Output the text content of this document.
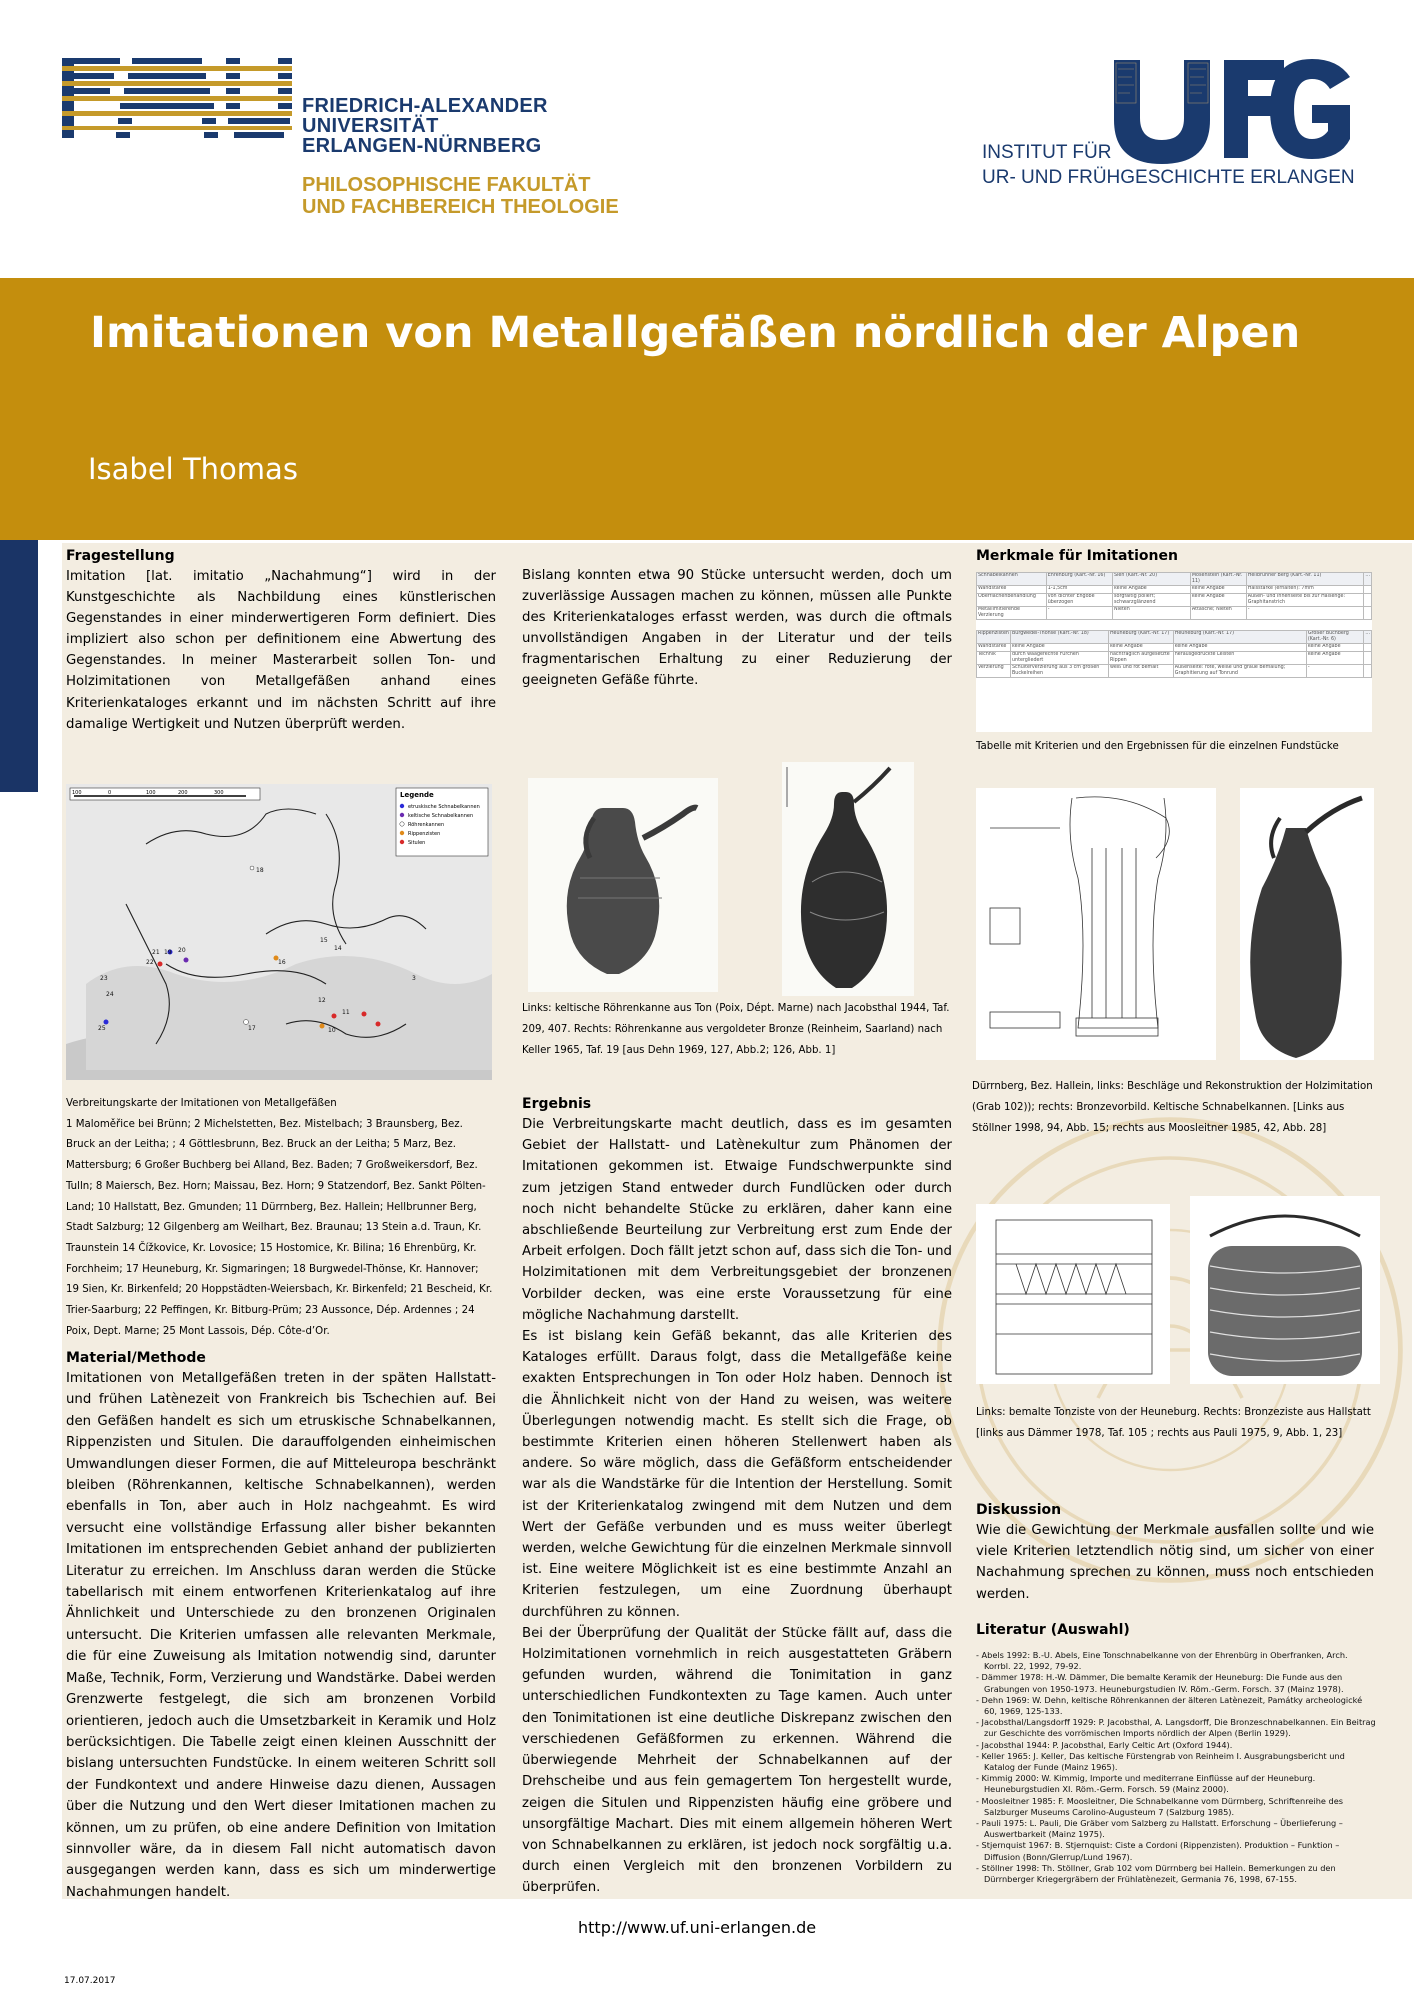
FRIEDRICH-ALEXANDER
UNIVERSITÄT
ERLANGEN-NÜRNBERG
PHILOSOPHISCHE FAKULTÄT
UND FACHBEREICH THEOLOGIE
INSTITUT FÜR
UR- UND FRÜHGESCHICHTE ERLANGEN
Imitationen von Metallgefäßen nördlich der Alpen
Isabel Thomas
Fragestellung
Imitation [lat. imitatio „Nachahmung“] wird in der Kunstgeschichte als Nachbildung eines künstlerischen Gegenstandes in einer minderwertigeren Form definiert. Dies impliziert also schon per definitionem eine Abwertung des Gegenstandes. In meiner Masterarbeit sollen Ton- und Holzimitationen von Metallgefäßen anhand eines Kriterienkataloges erkannt und im nächsten Schritt auf ihre damalige Wertigkeit und Nutzen überprüft werden.
Bislang konnten etwa 90 Stücke untersucht werden, doch um zuverlässige Aussagen machen zu können, müssen alle Punkte des Kriterienkataloges erfasst werden, was durch die oftmals unvollständigen Angaben in der Literatur und der teils fragmentarischen Erhaltung zu einer Reduzierung der geeigneten Gefäße führte.
Merkmale für Imitationen
Schnabelkannen	Ehrenbürg (Kart.-Nr. 16)	Sien (Kart.-Nr. 20)	Mosenstein (Kart.-Nr. 11)	Heilbrunner Berg (Kart.-Nr. 11)	...
Wandstärke	1-1,5cm	keine Angabe	keine Angabe	Halsstärke (erhalten): 7mm	
Oberflächenbehandlung	von dichter Engobe überzogen	sorgfältig poliert; schwarzglänzend	keine Angabe	Außen- und Innenseite bis zur Halsenge: Graphitanstrich	
Metallimitierende Verzierung	-	Nieten	Attasche; Nieten	-	
Rippenzisten	Burgwedel-Thönse (Kart.-Nr. 18)	Heuneburg (Kart.-Nr. 17)	Heuneburg (Kart.-Nr. 17)	Großer Buchberg (Kart.-Nr. 6)	...
Wandstärke	keine Angabe	keine Angabe	keine Angabe	keine Angabe	
Technik	durch waagerechte Furchen untergliedert	nachträglich aufgesetzte Rippen	herausgedrückte Leisten	keine Angabe	
Verzierung	Schulterverzierung aus 3 cm großen Buckelreihen	weiß und rot bemalt	Außenseite: rote, weiße und graue Bemalung; Graphitierung auf Tonrund	-	
Tabelle mit Kriterien und den Ergebnissen für die einzelnen Fundstücke
100	0	100	200	300	Legende
etruskische Schnabelkannen
keltische Schnabelkannen
Röhrenkannen
Rippenzisten
Situlen
18
15
14
16
19 20
21
22
23
24
17
12
10
11
3
25
Verbreitungskarte der Imitationen von Metallgefäßen
1 Maloměřice bei Brünn; 2 Michelstetten, Bez. Mistelbach; 3 Braunsberg, Bez. Bruck an der Leitha; ; 4 Göttlesbrunn, Bez. Bruck an der Leitha; 5 Marz, Bez. Mattersburg; 6 Großer Buchberg bei Alland, Bez. Baden; 7 Großweikersdorf, Bez. Tulln; 8 Maiersch, Bez. Horn; Maissau, Bez. Horn; 9 Statzendorf, Bez. Sankt Pölten-Land; 10 Hallstatt, Bez. Gmunden; 11 Dürrnberg, Bez. Hallein; Hellbrunner Berg, Stadt Salzburg; 12 Gilgenberg am Weilhart, Bez. Braunau; 13 Stein a.d. Traun, Kr. Traunstein 14 Čížkovice, Kr. Lovosice; 15 Hostomice, Kr. Bilina; 16 Ehrenbürg, Kr. Forchheim; 17 Heuneburg, Kr. Sigmaringen; 18 Burgwedel-Thönse, Kr. Hannover; 19 Sien, Kr. Birkenfeld; 20 Hoppstädten-Weiersbach, Kr. Birkenfeld; 21 Bescheid, Kr. Trier-Saarburg; 22 Peffingen, Kr. Bitburg-Prüm; 23 Aussonce, Dép. Ardennes ; 24 Poix, Dept. Marne; 25 Mont Lassois, Dép. Côte-d’Or.
Material/Methode
Imitationen von Metallgefäßen treten in der späten Hallstatt- und frühen Latènezeit von Frankreich bis Tschechien auf. Bei den Gefäßen handelt es sich um etruskische Schnabelkannen, Rippenzisten und Situlen. Die darauffolgenden einheimischen Umwandlungen dieser Formen, die auf Mitteleuropa beschränkt bleiben (Röhrenkannen, keltische Schnabelkannen), werden ebenfalls in Ton, aber auch in Holz nachgeahmt. Es wird versucht eine vollständige Erfassung aller bisher bekannten Imitationen im entsprechenden Gebiet anhand der publizierten Literatur zu erreichen. Im Anschluss daran werden die Stücke tabellarisch mit einem entworfenen Kriterienkatalog auf ihre Ähnlichkeit und Unterschiede zu den bronzenen Originalen untersucht. Die Kriterien umfassen alle relevanten Merkmale, die für eine Zuweisung als Imitation notwendig sind, darunter Maße, Technik, Form, Verzierung und Wandstärke. Dabei werden Grenzwerte festgelegt, die sich am bronzenen Vorbild orientieren, jedoch auch die Umsetzbarkeit in Keramik und Holz berücksichtigen. Die Tabelle zeigt einen kleinen Ausschnitt der bislang untersuchten Fundstücke. In einem weiteren Schritt soll der Fundkontext und andere Hinweise dazu dienen, Aussagen über die Nutzung und den Wert dieser Imitationen machen zu können, um zu prüfen, ob eine andere Definition von Imitation sinnvoller wäre, da in diesem Fall nicht automatisch davon ausgegangen werden kann, dass es sich um minderwertige Nachahmungen handelt.
Links: keltische Röhrenkanne aus Ton (Poix, Dépt. Marne) nach Jacobsthal 1944, Taf. 209, 407. Rechts: Röhrenkanne aus vergoldeter Bronze (Reinheim, Saarland) nach Keller 1965, Taf. 19 [aus Dehn 1969, 127, Abb.2; 126, Abb. 1]
Ergebnis
Die Verbreitungskarte macht deutlich, dass es im gesamten Gebiet der Hallstatt- und Latènekultur zum Phänomen der Imitationen gekommen ist. Etwaige Fundschwerpunkte sind zum jetzigen Stand entweder durch Fundlücken oder durch noch nicht behandelte Stücke zu erklären, daher kann eine abschließende Beurteilung zur Verbreitung erst zum Ende der Arbeit erfolgen. Doch fällt jetzt schon auf, dass sich die Ton- und Holzimitationen mit dem Verbreitungsgebiet der bronzenen Vorbilder decken, was eine erste Voraussetzung für eine mögliche Nachahmung darstellt.
Es ist bislang kein Gefäß bekannt, das alle Kriterien des Kataloges erfüllt. Daraus folgt, dass die Metallgefäße keine exakten Entsprechungen in Ton oder Holz haben. Dennoch ist die Ähnlichkeit nicht von der Hand zu weisen, was weitere Überlegungen notwendig macht. Es stellt sich die Frage, ob bestimmte Kriterien einen höheren Stellenwert haben als andere. So wäre möglich, dass die Gefäßform entscheidender war als die Wandstärke für die Intention der Herstellung. Somit ist der Kriterienkatalog zwingend mit dem Nutzen und dem Wert der Gefäße verbunden und es muss weiter überlegt werden, welche Gewichtung für die einzelnen Merkmale sinnvoll ist. Eine weitere Möglichkeit ist es eine bestimmte Anzahl an Kriterien festzulegen, um eine Zuordnung überhaupt durchführen zu können.
Bei der Überprüfung der Qualität der Stücke fällt auf, dass die Holzimitationen vornehmlich in reich ausgestatteten Gräbern gefunden wurden, während die Tonimitation in ganz unterschiedlichen Fundkontexten zu Tage kamen. Auch unter den Tonimitationen ist eine deutliche Diskrepanz zwischen den verschiedenen Gefäßformen zu erkennen. Während die überwiegende Mehrheit der Schnabelkannen auf der Drehscheibe und aus fein gemagertem Ton hergestellt wurde, zeigen die Situlen und Rippenzisten häufig eine gröbere und unsorgfältige Machart. Dies mit einem allgemein höheren Wert von Schnabelkannen zu erklären, ist jedoch nock sorgfältig u.a. durch einen Vergleich mit den bronzenen Vorbildern zu überprüfen.
Dürrnberg, Bez. Hallein, links: Beschläge und Rekonstruktion der Holzimitation (Grab 102)); rechts: Bronzevorbild. Keltische Schnabelkannen. [Links aus Stöllner 1998, 94, Abb. 15; rechts aus Moosleitner 1985, 42, Abb. 28]
Links: bemalte Tonziste von der Heuneburg. Rechts: Bronzeziste aus Hallstatt [links aus Dämmer 1978, Taf. 105 ; rechts aus Pauli 1975, 9, Abb. 1, 23]
Diskussion
Wie die Gewichtung der Merkmale ausfallen sollte und wie viele Kriterien letztendlich nötig sind, um sicher von einer Nachahmung sprechen zu können, muss noch entschieden werden.
Literatur (Auswahl)
- Abels 1992: B.-U. Abels, Eine Tonschnabelkanne von der Ehrenbürg in Oberfranken, Arch. Korrbl. 22, 1992, 79-92.
- Dämmer 1978: H.-W. Dämmer, Die bemalte Keramik der Heuneburg: Die Funde aus den Grabungen von 1950-1973. Heuneburgstudien IV. Röm.-Germ. Forsch. 37 (Mainz 1978).
- Dehn 1969: W. Dehn, keltische Röhrenkannen der älteren Latènezeit, Památky archeologické 60, 1969, 125-133.
- Jacobsthal/Langsdorff 1929: P. Jacobsthal, A. Langsdorff, Die Bronzeschnabelkannen. Ein Beitrag zur Geschichte des vorrömischen Imports nördlich der Alpen (Berlin 1929).
- Jacobsthal 1944: P. Jacobsthal, Early Celtic Art (Oxford 1944).
- Keller 1965: J. Keller, Das keltische Fürstengrab von Reinheim I. Ausgrabungsbericht und Katalog der Funde (Mainz 1965).
- Kimmig 2000: W. Kimmig, Importe und mediterrane Einflüsse auf der Heuneburg. Heuneburgstudien XI. Röm.-Germ. Forsch. 59 (Mainz 2000).
- Moosleitner 1985: F. Moosleitner, Die Schnabelkanne vom Dürrnberg, Schriftenreihe des Salzburger Museums Carolino-Augusteum 7 (Salzburg 1985).
- Pauli 1975: L. Pauli, Die Gräber vom Salzberg zu Hallstatt. Erforschung – Überlieferung – Auswertbarkeit (Mainz 1975).
- Stjernquist 1967: B. Stjernquist: Ciste a Cordoni (Rippenzisten). Produktion – Funktion – Diffusion (Bonn/Glerrup/Lund 1967).
- Stöllner 1998: Th. Stöllner, Grab 102 vom Dürrnberg bei Hallein. Bemerkungen zu den Dürrnberger Kriegergräbern der Frühlatènezeit, Germania 76, 1998, 67-155.
http://www.uf.uni-erlangen.de
17.07.2017
